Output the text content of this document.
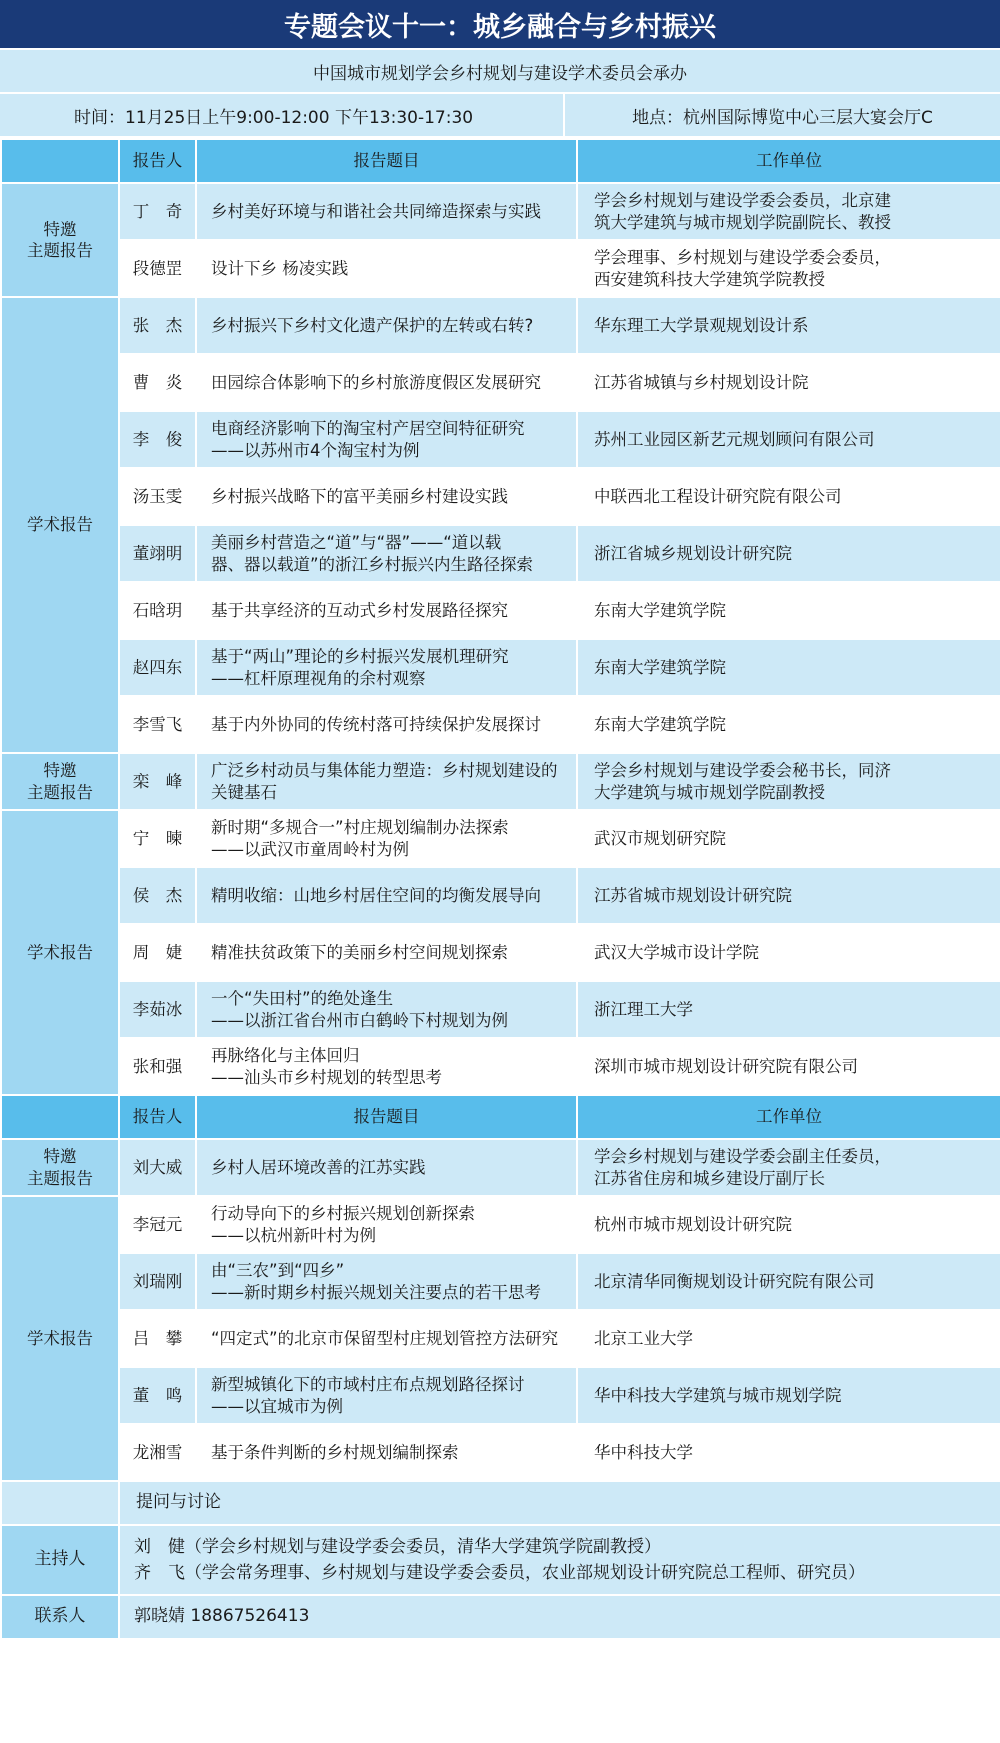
专题会议十一：城乡融合与乡村振兴
中国城市规划学会乡村规划与建设学术委员会承办
时间：11月25日上午9:00-12:00 下午13:30-17:30	地点：杭州国际博览中心三层大宴会厅C
	报告人	报告题目	工作单位
特邀
主题报告	丁　奇	乡村美好环境与和谐社会共同缔造探索与实践	学会乡村规划与建设学委会委员，北京建
筑大学建筑与城市规划学院副院长、教授

	段德罡	设计下乡 杨凌实践	学会理事、乡村规划与建设学委会委员，
西安建筑科技大学建筑学院教授

学术报告	张　杰	乡村振兴下乡村文化遗产保护的左转或右转?	华东理工大学景观规划设计系

	曹　炎	田园综合体影响下的乡村旅游度假区发展研究	江苏省城镇与乡村规划设计院

	李　俊	电商经济影响下的淘宝村产居空间特征研究
——以苏州市4个淘宝村为例	苏州工业园区新艺元规划顾问有限公司

	汤玉雯	乡村振兴战略下的富平美丽乡村建设实践	中联西北工程设计研究院有限公司

	董翊明	美丽乡村营造之“道”与“器”——“道以载
器、器以载道”的浙江乡村振兴内生路径探索	浙江省城乡规划设计研究院

	石晗玥	基于共享经济的互动式乡村发展路径探究	东南大学建筑学院

	赵四东	基于“两山”理论的乡村振兴发展机理研究
——杠杆原理视角的余村观察	东南大学建筑学院

	李雪飞	基于内外协同的传统村落可持续保护发展探讨	东南大学建筑学院

特邀
主题报告	栾　峰	广泛乡村动员与集体能力塑造：乡村规划建设的
关键基石	学会乡村规划与建设学委会秘书长，同济
大学建筑与城市规划学院副教授

学术报告	宁　暕	新时期“多规合一”村庄规划编制办法探索
——以武汉市童周岭村为例	武汉市规划研究院

	侯　杰	精明收缩：山地乡村居住空间的均衡发展导向	江苏省城市规划设计研究院

	周　婕	精准扶贫政策下的美丽乡村空间规划探索	武汉大学城市设计学院

	李茹冰	一个“失田村”的绝处逢生
——以浙江省台州市白鹤岭下村规划为例	浙江理工大学

	张和强	再脉络化与主体回归
——汕头市乡村规划的转型思考	深圳市城市规划设计研究院有限公司

	报告人	报告题目	工作单位
特邀
主题报告	刘大威	乡村人居环境改善的江苏实践	学会乡村规划与建设学委会副主任委员，
江苏省住房和城乡建设厅副厅长

学术报告	李冠元	行动导向下的乡村振兴规划创新探索
——以杭州新叶村为例	杭州市城市规划设计研究院

	刘瑞刚	由“三农”到“四乡”
——新时期乡村振兴规划关注要点的若干思考	北京清华同衡规划设计研究院有限公司

	吕　攀	“四定式”的北京市保留型村庄规划管控方法研究	北京工业大学

	董　鸣	新型城镇化下的市域村庄布点规划路径探讨
——以宜城市为例	华中科技大学建筑与城市规划学院

	龙湘雪	基于条件判断的乡村规划编制探索	华中科技大学

	提问与讨论		
主持人	刘　健（学会乡村规划与建设学委会委员，清华大学建筑学院副教授）
齐　飞（学会常务理事、乡村规划与建设学委会委员，农业部规划设计研究院总工程师、研究员）		

联系人	郭晓婧 18867526413		
